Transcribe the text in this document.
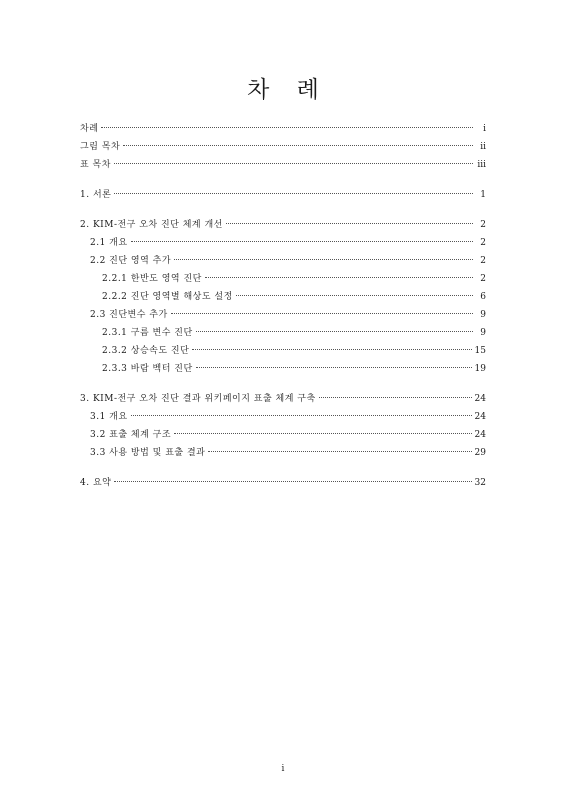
차 례
차례	i
그림 목차	ii
표 목차	iii
1. 서론	1
2. KIM-전구 오차 진단 체계 개선	2
2.1 개요	2
2.2 진단 영역 추가	2
2.2.1 한반도 영역 진단	2
2.2.2 진단 영역별 해상도 설정	6
2.3 진단변수 추가	9
2.3.1 구름 변수 진단	9
2.3.2 상승속도 진단	15
2.3.3 바람 벡터 진단	19
3. KIM-전구 오차 진단 결과 위키페이지 표출 체계 구축	24
3.1 개요	24
3.2 표출 체계 구조	24
3.3 사용 방법 및 표출 결과	29
4. 요약	32
i
